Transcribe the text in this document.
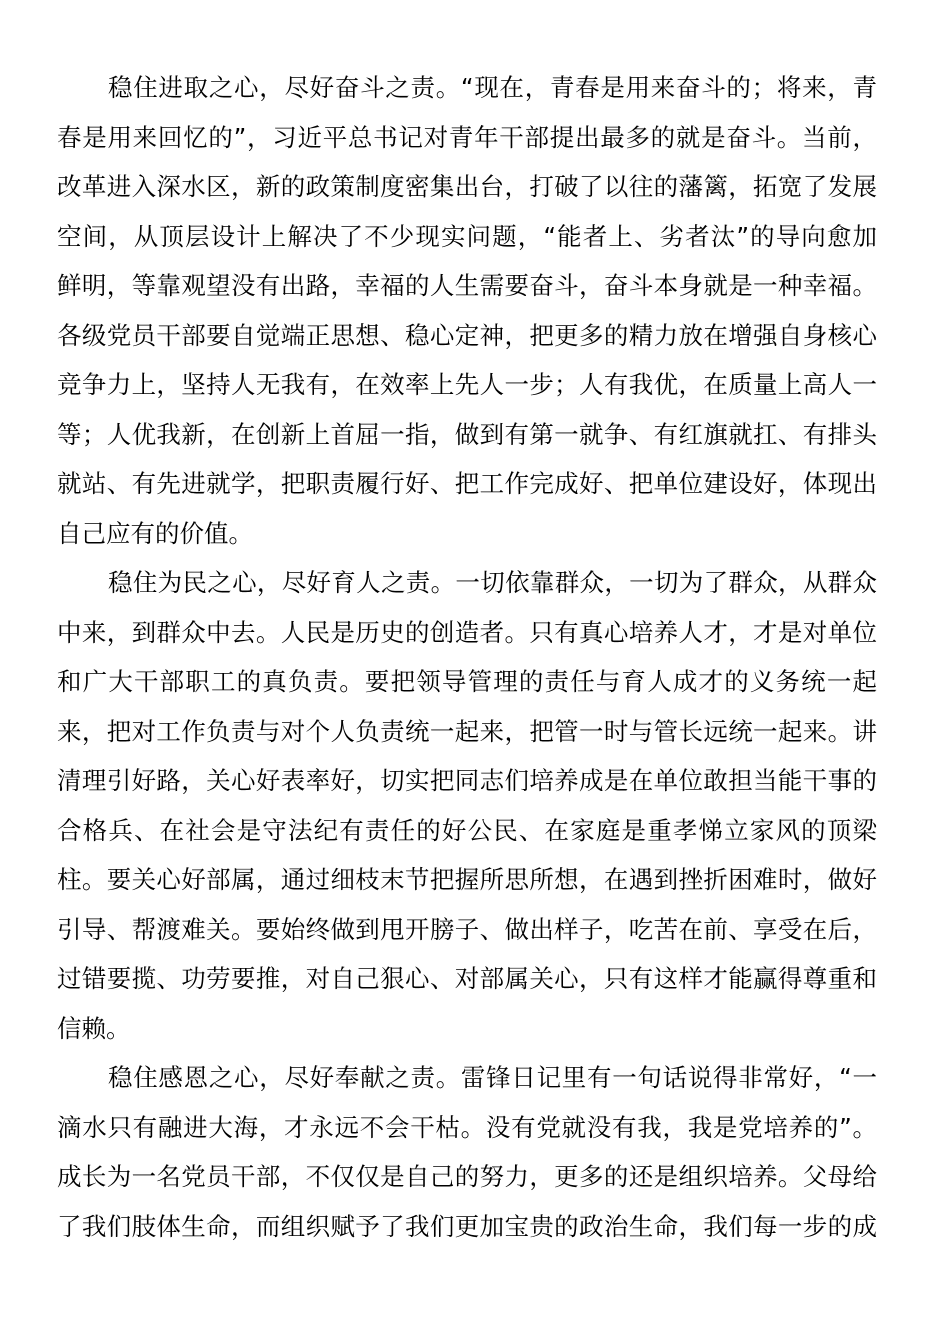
稳住进取之心，尽好奋斗之责。“现在，青春是用来奋斗的；将来，青
春是用来回忆的”，习近平总书记对青年干部提出最多的就是奋斗。当前，
改革进入深水区，新的政策制度密集出台，打破了以往的藩篱，拓宽了发展
空间，从顶层设计上解决了不少现实问题，“能者上、劣者汰”的导向愈加
鲜明，等靠观望没有出路，幸福的人生需要奋斗，奋斗本身就是一种幸福。
各级党员干部要自觉端正思想、稳心定神，把更多的精力放在增强自身核心
竞争力上，坚持人无我有，在效率上先人一步；人有我优，在质量上高人一
等；人优我新，在创新上首屈一指，做到有第一就争、有红旗就扛、有排头
就站、有先进就学，把职责履行好、把工作完成好、把单位建设好，体现出
自己应有的价值。
稳住为民之心，尽好育人之责。一切依靠群众，一切为了群众，从群众
中来，到群众中去。人民是历史的创造者。只有真心培养人才，才是对单位
和广大干部职工的真负责。要把领导管理的责任与育人成才的义务统一起
来，把对工作负责与对个人负责统一起来，把管一时与管长远统一起来。讲
清理引好路，关心好表率好，切实把同志们培养成是在单位敢担当能干事的
合格兵、在社会是守法纪有责任的好公民、在家庭是重孝悌立家风的顶梁
柱。要关心好部属，通过细枝末节把握所思所想，在遇到挫折困难时，做好
引导、帮渡难关。要始终做到甩开膀子、做出样子，吃苦在前、享受在后，
过错要揽、功劳要推，对自己狠心、对部属关心，只有这样才能赢得尊重和
信赖。
稳住感恩之心，尽好奉献之责。雷锋日记里有一句话说得非常好，“一
滴水只有融进大海，才永远不会干枯。没有党就没有我，我是党培养的”。
成长为一名党员干部，不仅仅是自己的努力，更多的还是组织培养。父母给
了我们肢体生命，而组织赋予了我们更加宝贵的政治生命，我们每一步的成
